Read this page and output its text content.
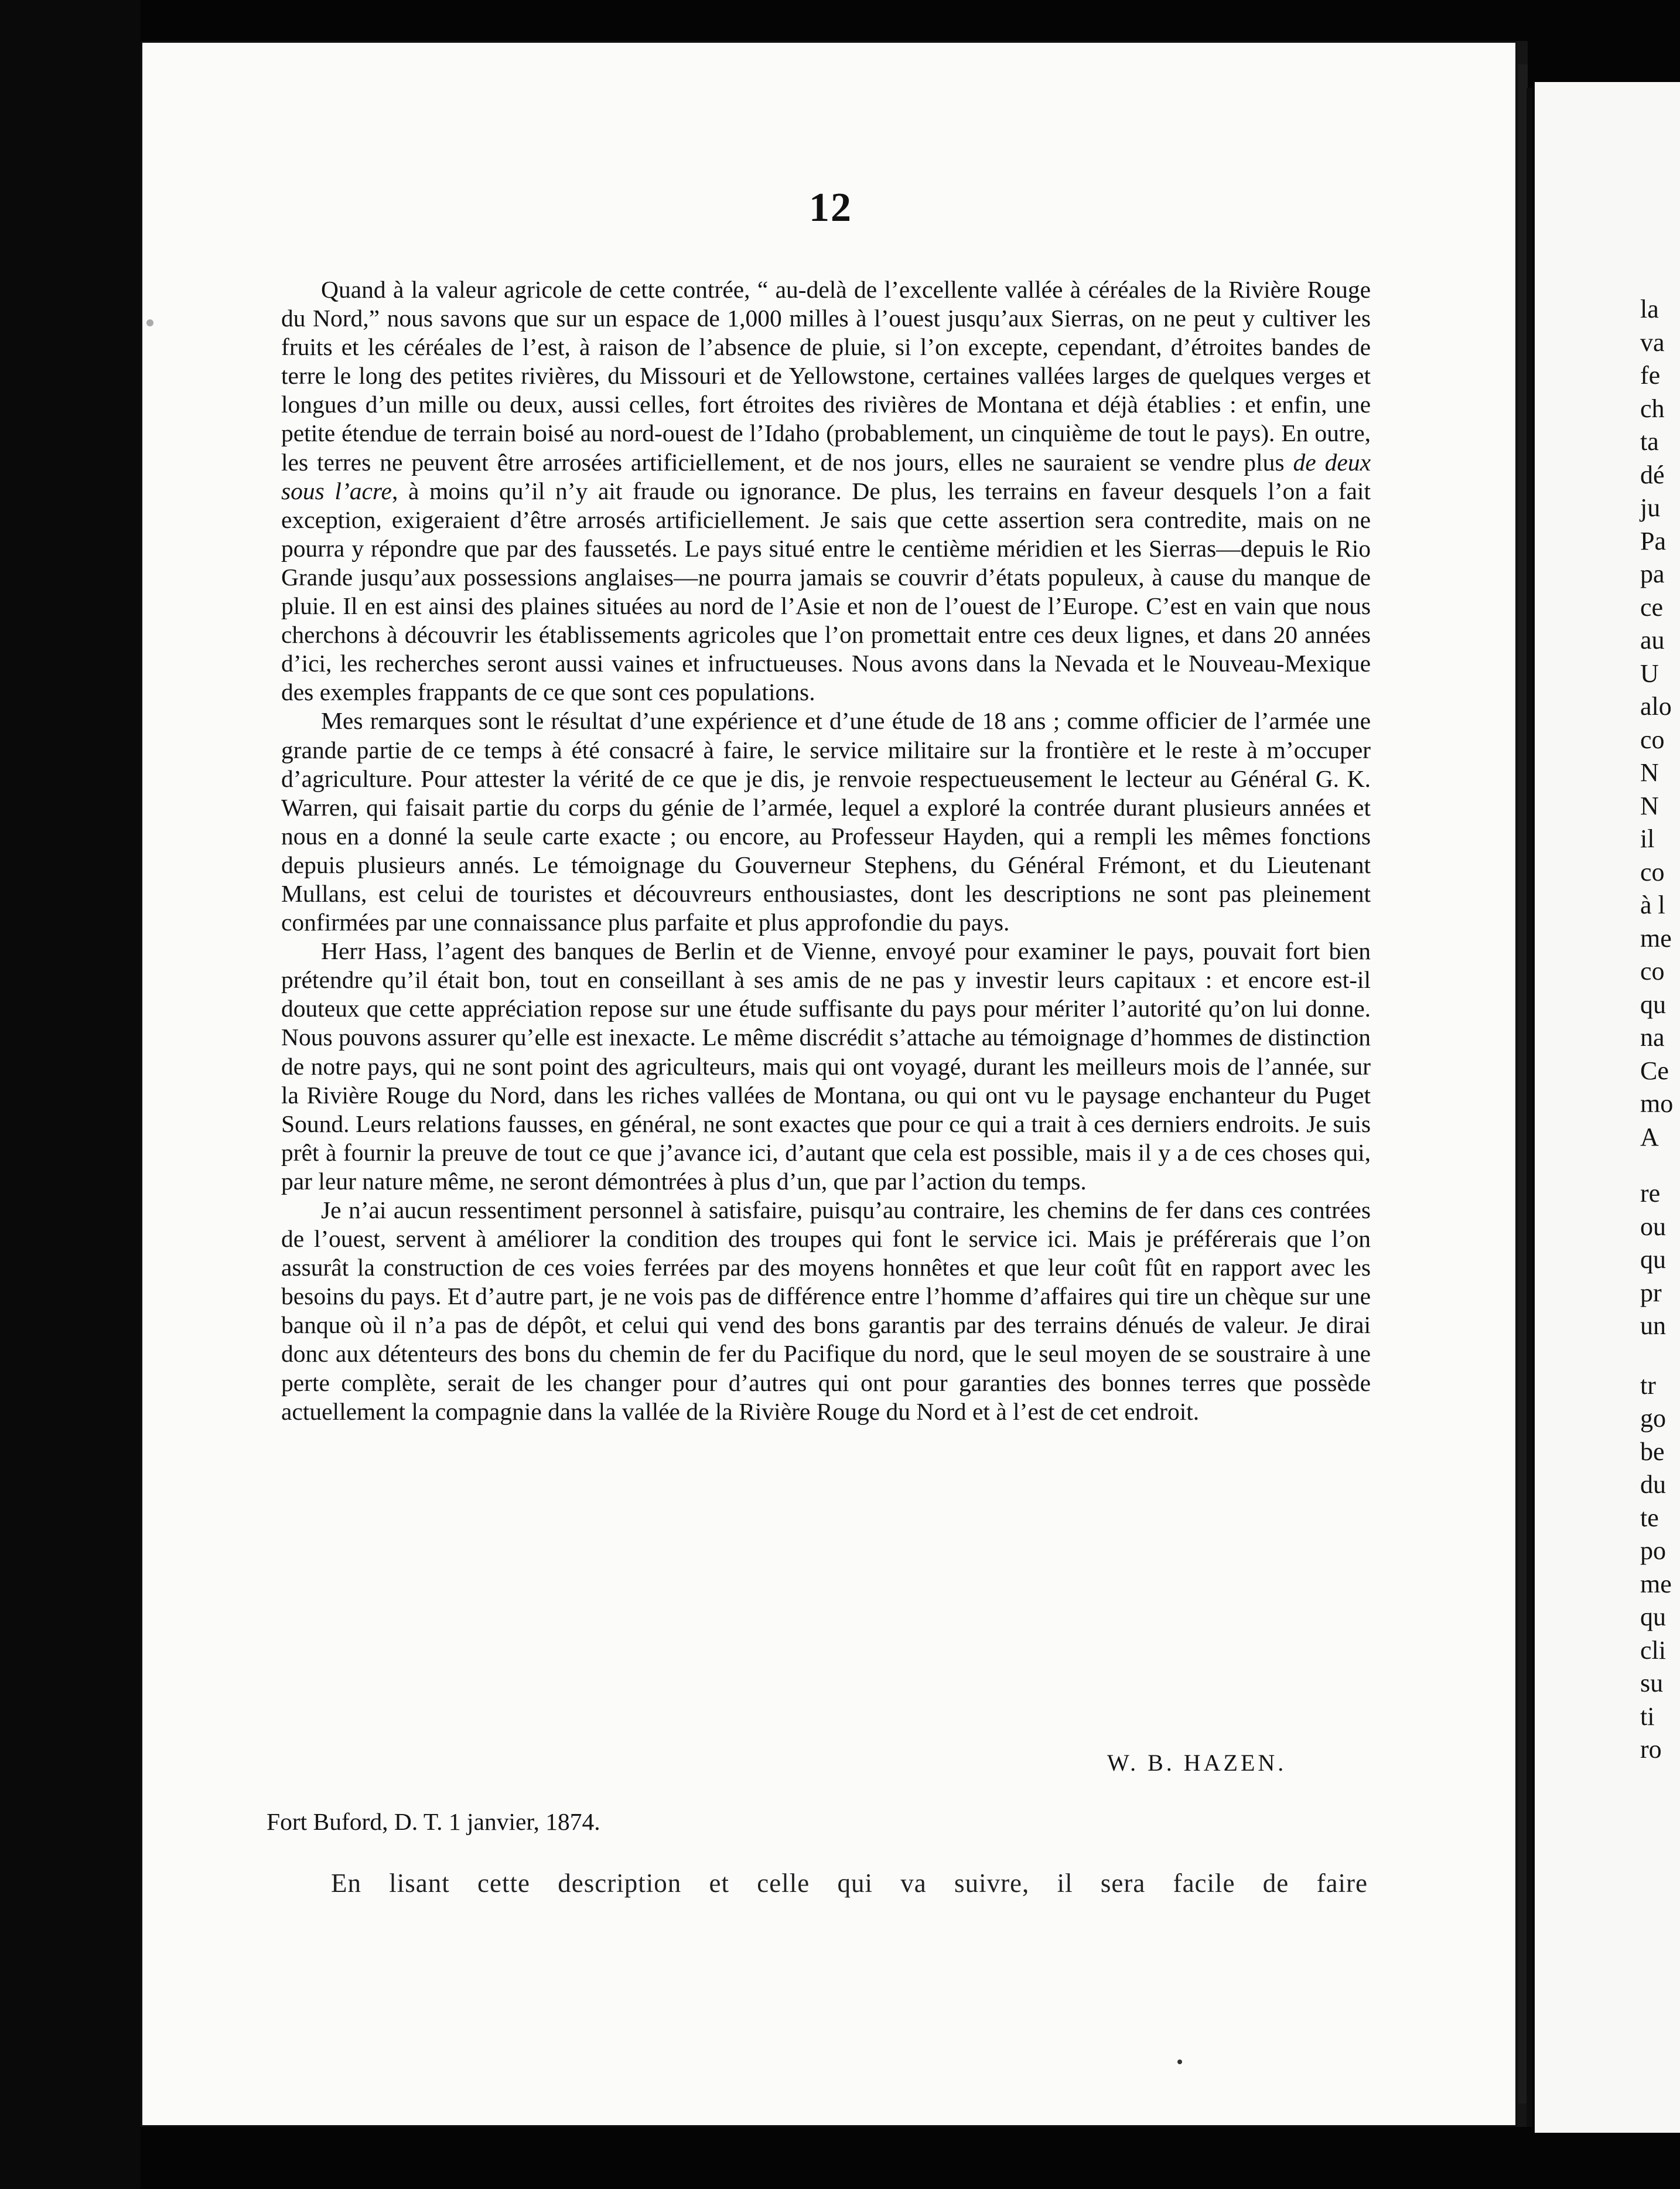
12

Quand à la valeur agricole de cette contrée, “ au-delà de l’excellente vallée à céréales de la Rivière Rouge du Nord,” nous savons que sur un espace de 1,000 milles à l’ouest jusqu’aux Sierras, on ne peut y cultiver les fruits et les céréales de l’est, à raison de l’absence de pluie, si l’on excepte, cependant, d’étroites bandes de terre le long des petites rivières, du Missouri et de Yellowstone, certaines vallées larges de quelques verges et longues d’un mille ou deux, aussi celles, fort étroites des rivières de Montana et déjà établies : et enfin, une petite étendue de terrain boisé au nord-ouest de l’Idaho (probablement, un cinquième de tout le pays). En outre, les terres ne peuvent être arrosées artificiellement, et de nos jours, elles ne sauraient se vendre plus de deux sous l’acre, à moins qu’il n’y ait fraude ou ignorance. De plus, les terrains en faveur desquels l’on a fait exception, exigeraient d’être arrosés artificiellement. Je sais que cette assertion sera contredite, mais on ne pourra y répondre que par des faussetés. Le pays situé entre le centième méridien et les Sierras—depuis le Rio Grande jusqu’aux possessions anglaises—ne pourra jamais se couvrir d’états populeux, à cause du manque de pluie. Il en est ainsi des plaines situées au nord de l’Asie et non de l’ouest de l’Europe. C’est en vain que nous cherchons à découvrir les établissements agricoles que l’on promettait entre ces deux lignes, et dans 20 années d’ici, les recherches seront aussi vaines et infructueuses. Nous avons dans la Nevada et le Nouveau-Mexique des exemples frappants de ce que sont ces populations.

Mes remarques sont le résultat d’une expérience et d’une étude de 18 ans ; comme officier de l’armée une grande partie de ce temps à été consacré à faire, le service militaire sur la frontière et le reste à m’occuper d’agriculture. Pour attester la vérité de ce que je dis, je renvoie respectueusement le lecteur au Général G. K. Warren, qui faisait partie du corps du génie de l’armée, lequel a exploré la contrée durant plusieurs années et nous en a donné la seule carte exacte ; ou encore, au Professeur Hayden, qui a rempli les mêmes fonctions depuis plusieurs annés. Le témoignage du Gouverneur Stephens, du Général Frémont, et du Lieutenant Mullans, est celui de touristes et découvreurs enthousiastes, dont les descriptions ne sont pas pleinement confirmées par une connaissance plus parfaite et plus approfondie du pays.

Herr Hass, l’agent des banques de Berlin et de Vienne, envoyé pour examiner le pays, pouvait fort bien prétendre qu’il était bon, tout en conseillant à ses amis de ne pas y investir leurs capitaux : et encore est-il douteux que cette appréciation repose sur une étude suffisante du pays pour mériter l’autorité qu’on lui donne. Nous pouvons assurer qu’elle est inexacte. Le même discrédit s’attache au témoignage d’hommes de distinction de notre pays, qui ne sont point des agriculteurs, mais qui ont voyagé, durant les meilleurs mois de l’année, sur la Rivière Rouge du Nord, dans les riches vallées de Montana, ou qui ont vu le paysage enchanteur du Puget Sound. Leurs relations fausses, en général, ne sont exactes que pour ce qui a trait à ces derniers endroits. Je suis prêt à fournir la preuve de tout ce que j’avance ici, d’autant que cela est possible, mais il y a de ces choses qui, par leur nature même, ne seront démontrées à plus d’un, que par l’action du temps.

Je n’ai aucun ressentiment personnel à satisfaire, puisqu’au contraire, les chemins de fer dans ces contrées de l’ouest, servent à améliorer la condition des troupes qui font le service ici. Mais je préférerais que l’on assurât la construction de ces voies ferrées par des moyens honnêtes et que leur coût fût en rapport avec les besoins du pays. Et d’autre part, je ne vois pas de différence entre l’homme d’affaires qui tire un chèque sur une banque où il n’a pas de dépôt, et celui qui vend des bons garantis par des terrains dénués de valeur. Je dirai donc aux détenteurs des bons du chemin de fer du Pacifique du nord, que le seul moyen de se soustraire à une perte complète, serait de les changer pour d’autres qui ont pour garanties des bonnes terres que possède actuellement la compagnie dans la vallée de la Rivière Rouge du Nord et à l’est de cet endroit.

W. B. HAZEN.
Fort Buford, D. T. 1 janvier, 1874.
En lisant cette description et celle qui va suivre, il sera facile de faire
la
va
fe
ch
ta
dé
ju
Pa
pa
ce
au
U
alo
co
N
N
il
co
à l
me
co
qu
na
Ce
mo
A
re
ou
qu
pr
un
tr
go
be
du
te
po
me
qu
cli
su
ti
ro
